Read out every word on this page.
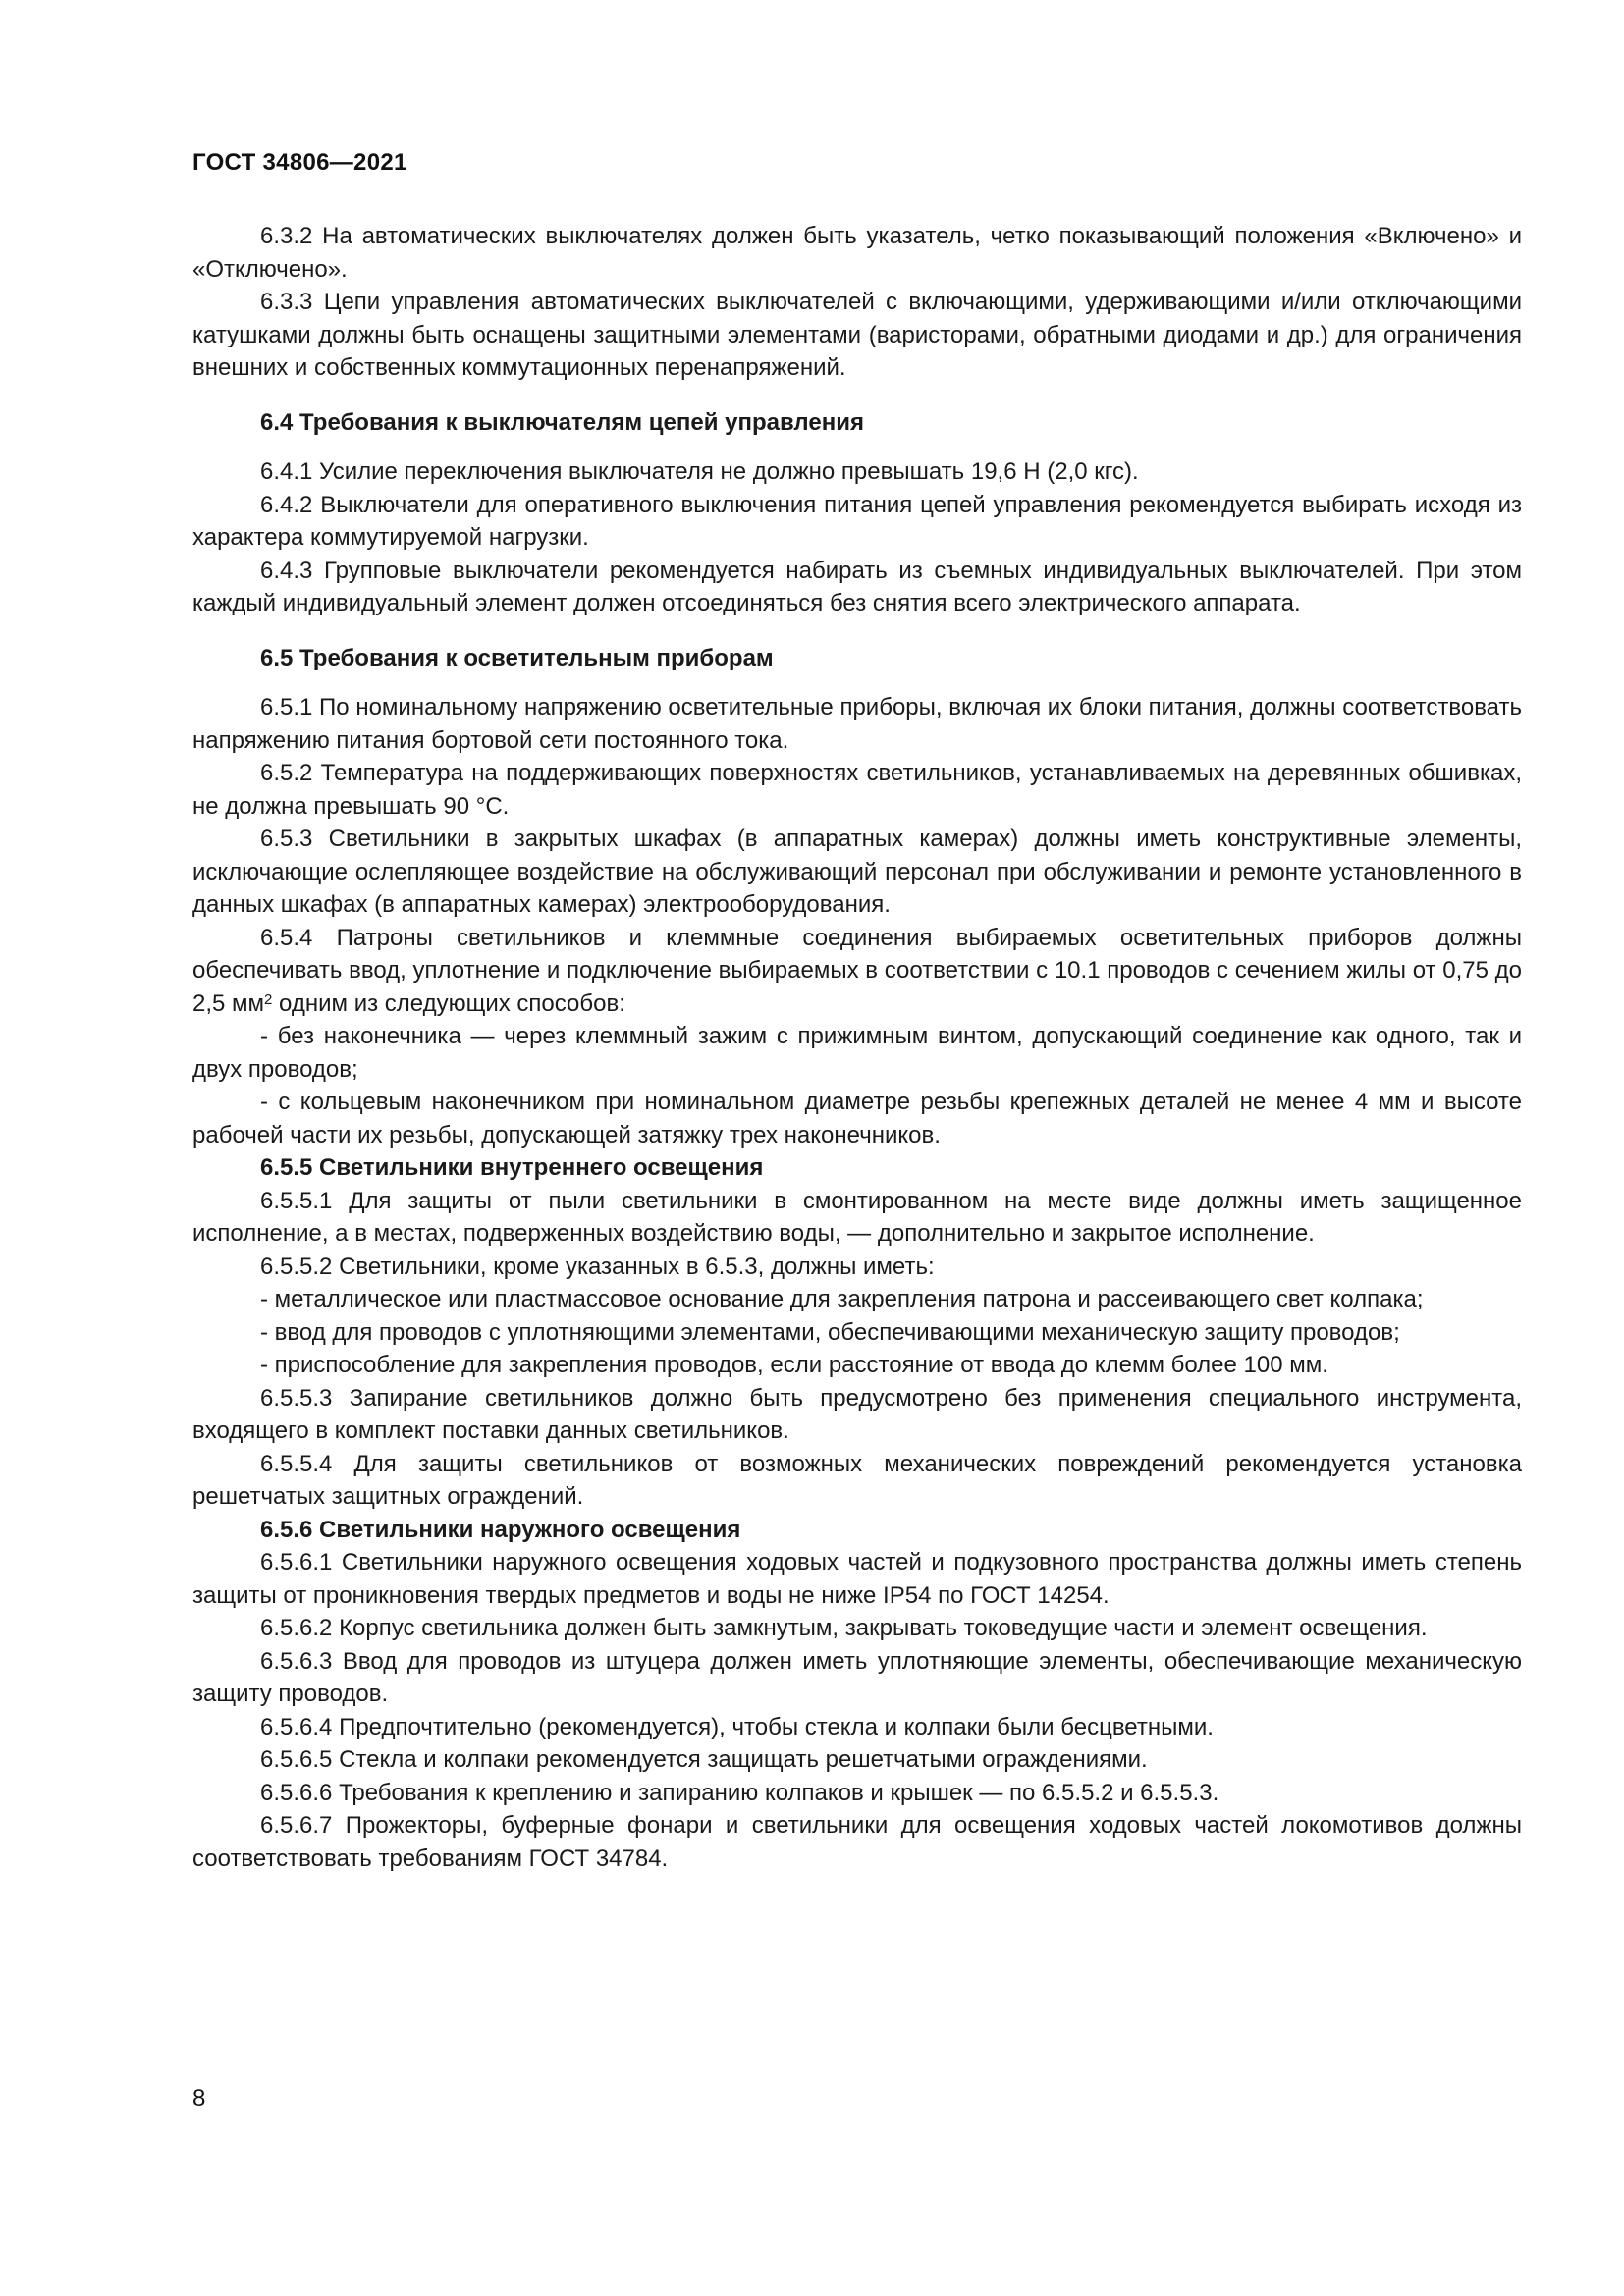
ГОСТ 34806—2021

6.3.2 На автоматических выключателях должен быть указатель, четко показывающий положения «Включено» и «Отключено».

6.3.3 Цепи управления автоматических выключателей с включающими, удерживающими и/или отключающими катушками должны быть оснащены защитными элементами (варисторами, обратными диодами и др.) для ограничения внешних и собственных коммутационных перенапряжений.

6.4 Требования к выключателям цепей управления

6.4.1 Усилие переключения выключателя не должно превышать 19,6 Н (2,0 кгс).

6.4.2 Выключатели для оперативного выключения питания цепей управления рекомендуется выбирать исходя из характера коммутируемой нагрузки.

6.4.3 Групповые выключатели рекомендуется набирать из съемных индивидуальных выключателей. При этом каждый индивидуальный элемент должен отсоединяться без снятия всего электрического аппарата.

6.5 Требования к осветительным приборам

6.5.1 По номинальному напряжению осветительные приборы, включая их блоки питания, должны соответствовать напряжению питания бортовой сети постоянного тока.

6.5.2 Температура на поддерживающих поверхностях светильников, устанавливаемых на деревянных обшивках, не должна превышать 90 °С.

6.5.3 Светильники в закрытых шкафах (в аппаратных камерах) должны иметь конструктивные элементы, исключающие ослепляющее воздействие на обслуживающий персонал при обслуживании и ремонте установленного в данных шкафах (в аппаратных камерах) электрооборудования.

6.5.4 Патроны светильников и клеммные соединения выбираемых осветительных приборов должны обеспечивать ввод, уплотнение и подключение выбираемых в соответствии с 10.1 проводов с сечением жилы от 0,75 до 2,5 $мм^2$ одним из следующих способов:

- без наконечника — через клеммный зажим с прижимным винтом, допускающий соединение как одного, так и двух проводов;

- с кольцевым наконечником при номинальном диаметре резьбы крепежных деталей не менее 4 мм и высоте рабочей части их резьбы, допускающей затяжку трех наконечников.

6.5.5 Светильники внутреннего освещения

6.5.5.1 Для защиты от пыли светильники в смонтированном на месте виде должны иметь защищенное исполнение, а в местах, подверженных воздействию воды, — дополнительно и закрытое исполнение.

6.5.5.2 Светильники, кроме указанных в 6.5.3, должны иметь:

- металлическое или пластмассовое основание для закрепления патрона и рассеивающего свет колпака;

- ввод для проводов с уплотняющими элементами, обеспечивающими механическую защиту проводов;

- приспособление для закрепления проводов, если расстояние от ввода до клемм более 100 мм.

6.5.5.3 Запирание светильников должно быть предусмотрено без применения специального инструмента, входящего в комплект поставки данных светильников.

6.5.5.4 Для защиты светильников от возможных механических повреждений рекомендуется установка решетчатых защитных ограждений.

6.5.6 Светильники наружного освещения

6.5.6.1 Светильники наружного освещения ходовых частей и подкузовного пространства должны иметь степень защиты от проникновения твердых предметов и воды не ниже IP54 по ГОСТ 14254.

6.5.6.2 Корпус светильника должен быть замкнутым, закрывать токоведущие части и элемент освещения.

6.5.6.3 Ввод для проводов из штуцера должен иметь уплотняющие элементы, обеспечивающие механическую защиту проводов.

6.5.6.4 Предпочтительно (рекомендуется), чтобы стекла и колпаки были бесцветными.

6.5.6.5 Стекла и колпаки рекомендуется защищать решетчатыми ограждениями.

6.5.6.6 Требования к креплению и запиранию колпаков и крышек — по 6.5.5.2 и 6.5.5.3.

6.5.6.7 Прожекторы, буферные фонари и светильники для освещения ходовых частей локомотивов должны соответствовать требованиям ГОСТ 34784.

8
